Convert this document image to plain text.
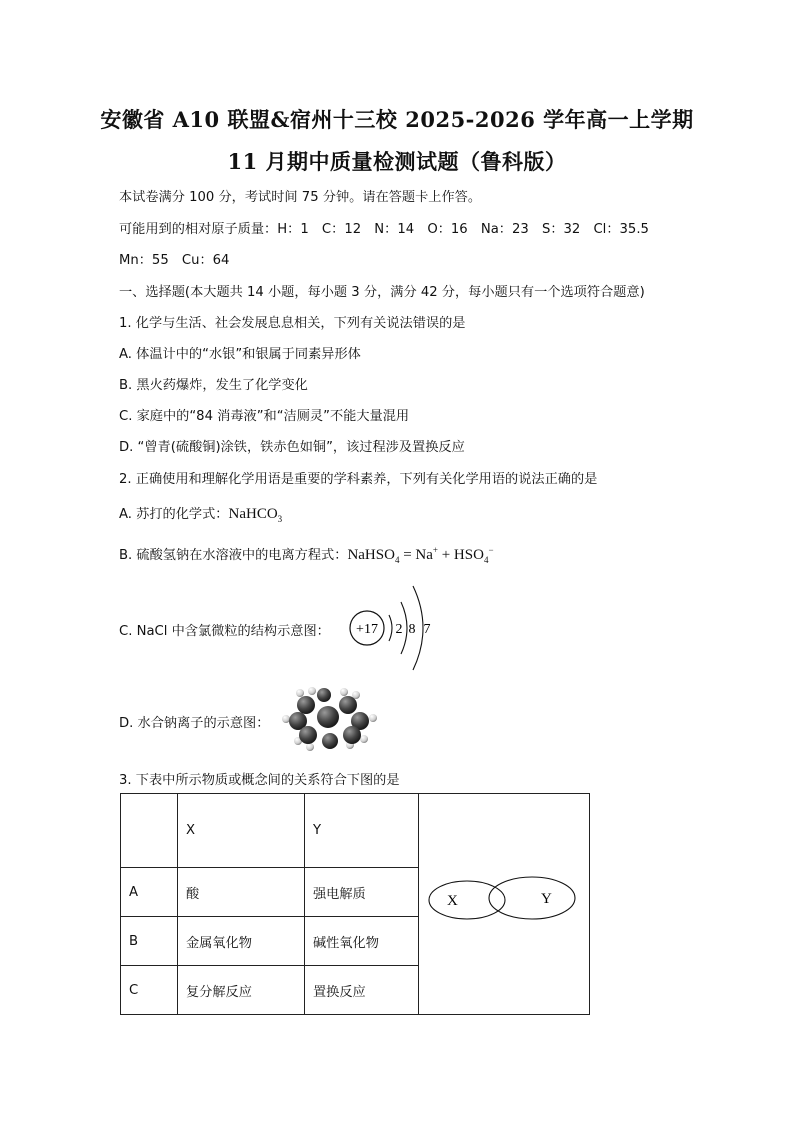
安徽省 A10 联盟&宿州十三校 2025-2026 学年高一上学期
11 月期中质量检测试题（鲁科版）
本试卷满分 100 分，考试时间 75 分钟。请在答题卡上作答。
可能用到的相对原子质量：H：1　C：12　N：14　O：16　Na：23　S：32　Cl：35.5
Mn：55　Cu：64
一、选择题(本大题共 14 小题，每小题 3 分，满分 42 分，每小题只有一个选项符合题意)
1. 化学与生活、社会发展息息相关，下列有关说法错误的是
A. 体温计中的“水银”和银属于同素异形体
B. 黑火药爆炸，发生了化学变化
C. 家庭中的“84 消毒液”和“洁厕灵”不能大量混用
D. “曾青(硫酸铜)涂铁，铁赤色如铜”，该过程涉及置换反应
2. 正确使用和理解化学用语是重要的学科素养，下列有关化学用语的说法正确的是
A. 苏打的化学式：NaHCO$_3$
B. 硫酸氢钠在水溶液中的电离方程式：NaHSO$_4$ = $Na^+ + HSO_4^-$
C. NaCl 中含氯微粒的结构示意图： +17 2 8 7
D. 水合钠离子的示意图：
3. 下表中所示物质或概念间的关系符合下图的是
	X	Y	X Y

A	酸	强电解质	
B	金属氧化物	碱性氧化物	
C	复分解反应	置换反应	
